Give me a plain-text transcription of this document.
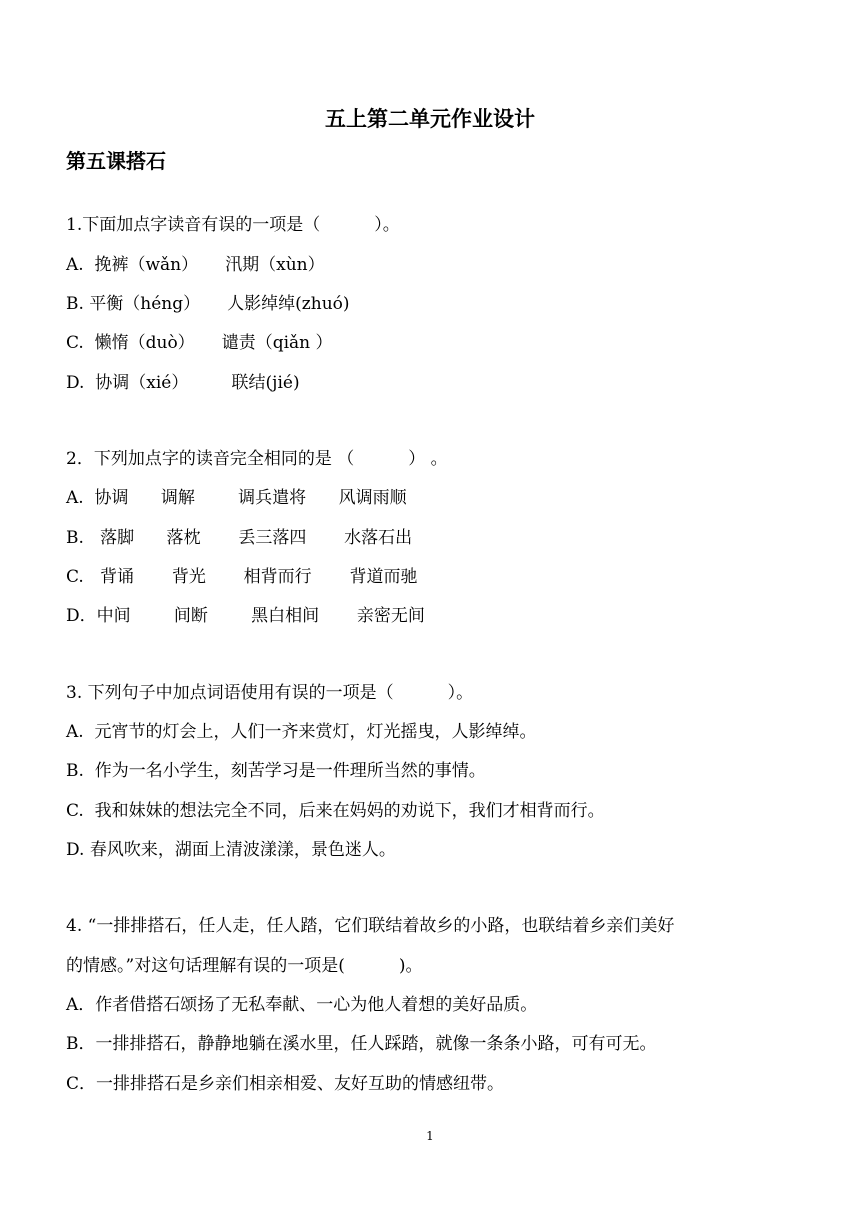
五上第二单元作业设计
第五课搭石
1.下面加点字读音有误的一项是（          ）。
A.  挽裤（wǎn）     汛期（xùn）
B. 平衡（héng）     人影绰绰(zhuó)
C.  懒惰（duò）     谴责（qiǎn ）
D.  协调（xié）        联结(jié)
2．下列加点字的读音完全相同的是 （          ） 。
A.  协调      调解        调兵遣将      风调雨顺
B.   落脚      落枕       丢三落四       水落石出
C.   背诵       背光       相背而行       背道而驰
D．中间        间断        黑白相间       亲密无间
3. 下列句子中加点词语使用有误的一项是（          ）。
A.  元宵节的灯会上，人们一齐来赏灯，灯光摇曳，人影绰绰。
B.  作为一名小学生，刻苦学习是一件理所当然的事情。
C.  我和妹妹的想法完全不同，后来在妈妈的劝说下，我们才相背而行。
D. 春风吹来，湖面上清波漾漾，景色迷人。
4. “一排排搭石，任人走，任人踏，它们联结着故乡的小路，也联结着乡亲们美好
的情感。”对这句话理解有误的一项是(          )。
A．作者借搭石颂扬了无私奉献、一心为他人着想的美好品质。
B．一排排搭石，静静地躺在溪水里，任人踩踏，就像一条条小路，可有可无。
C．一排排搭石是乡亲们相亲相爱、友好互助的情感纽带。
1
